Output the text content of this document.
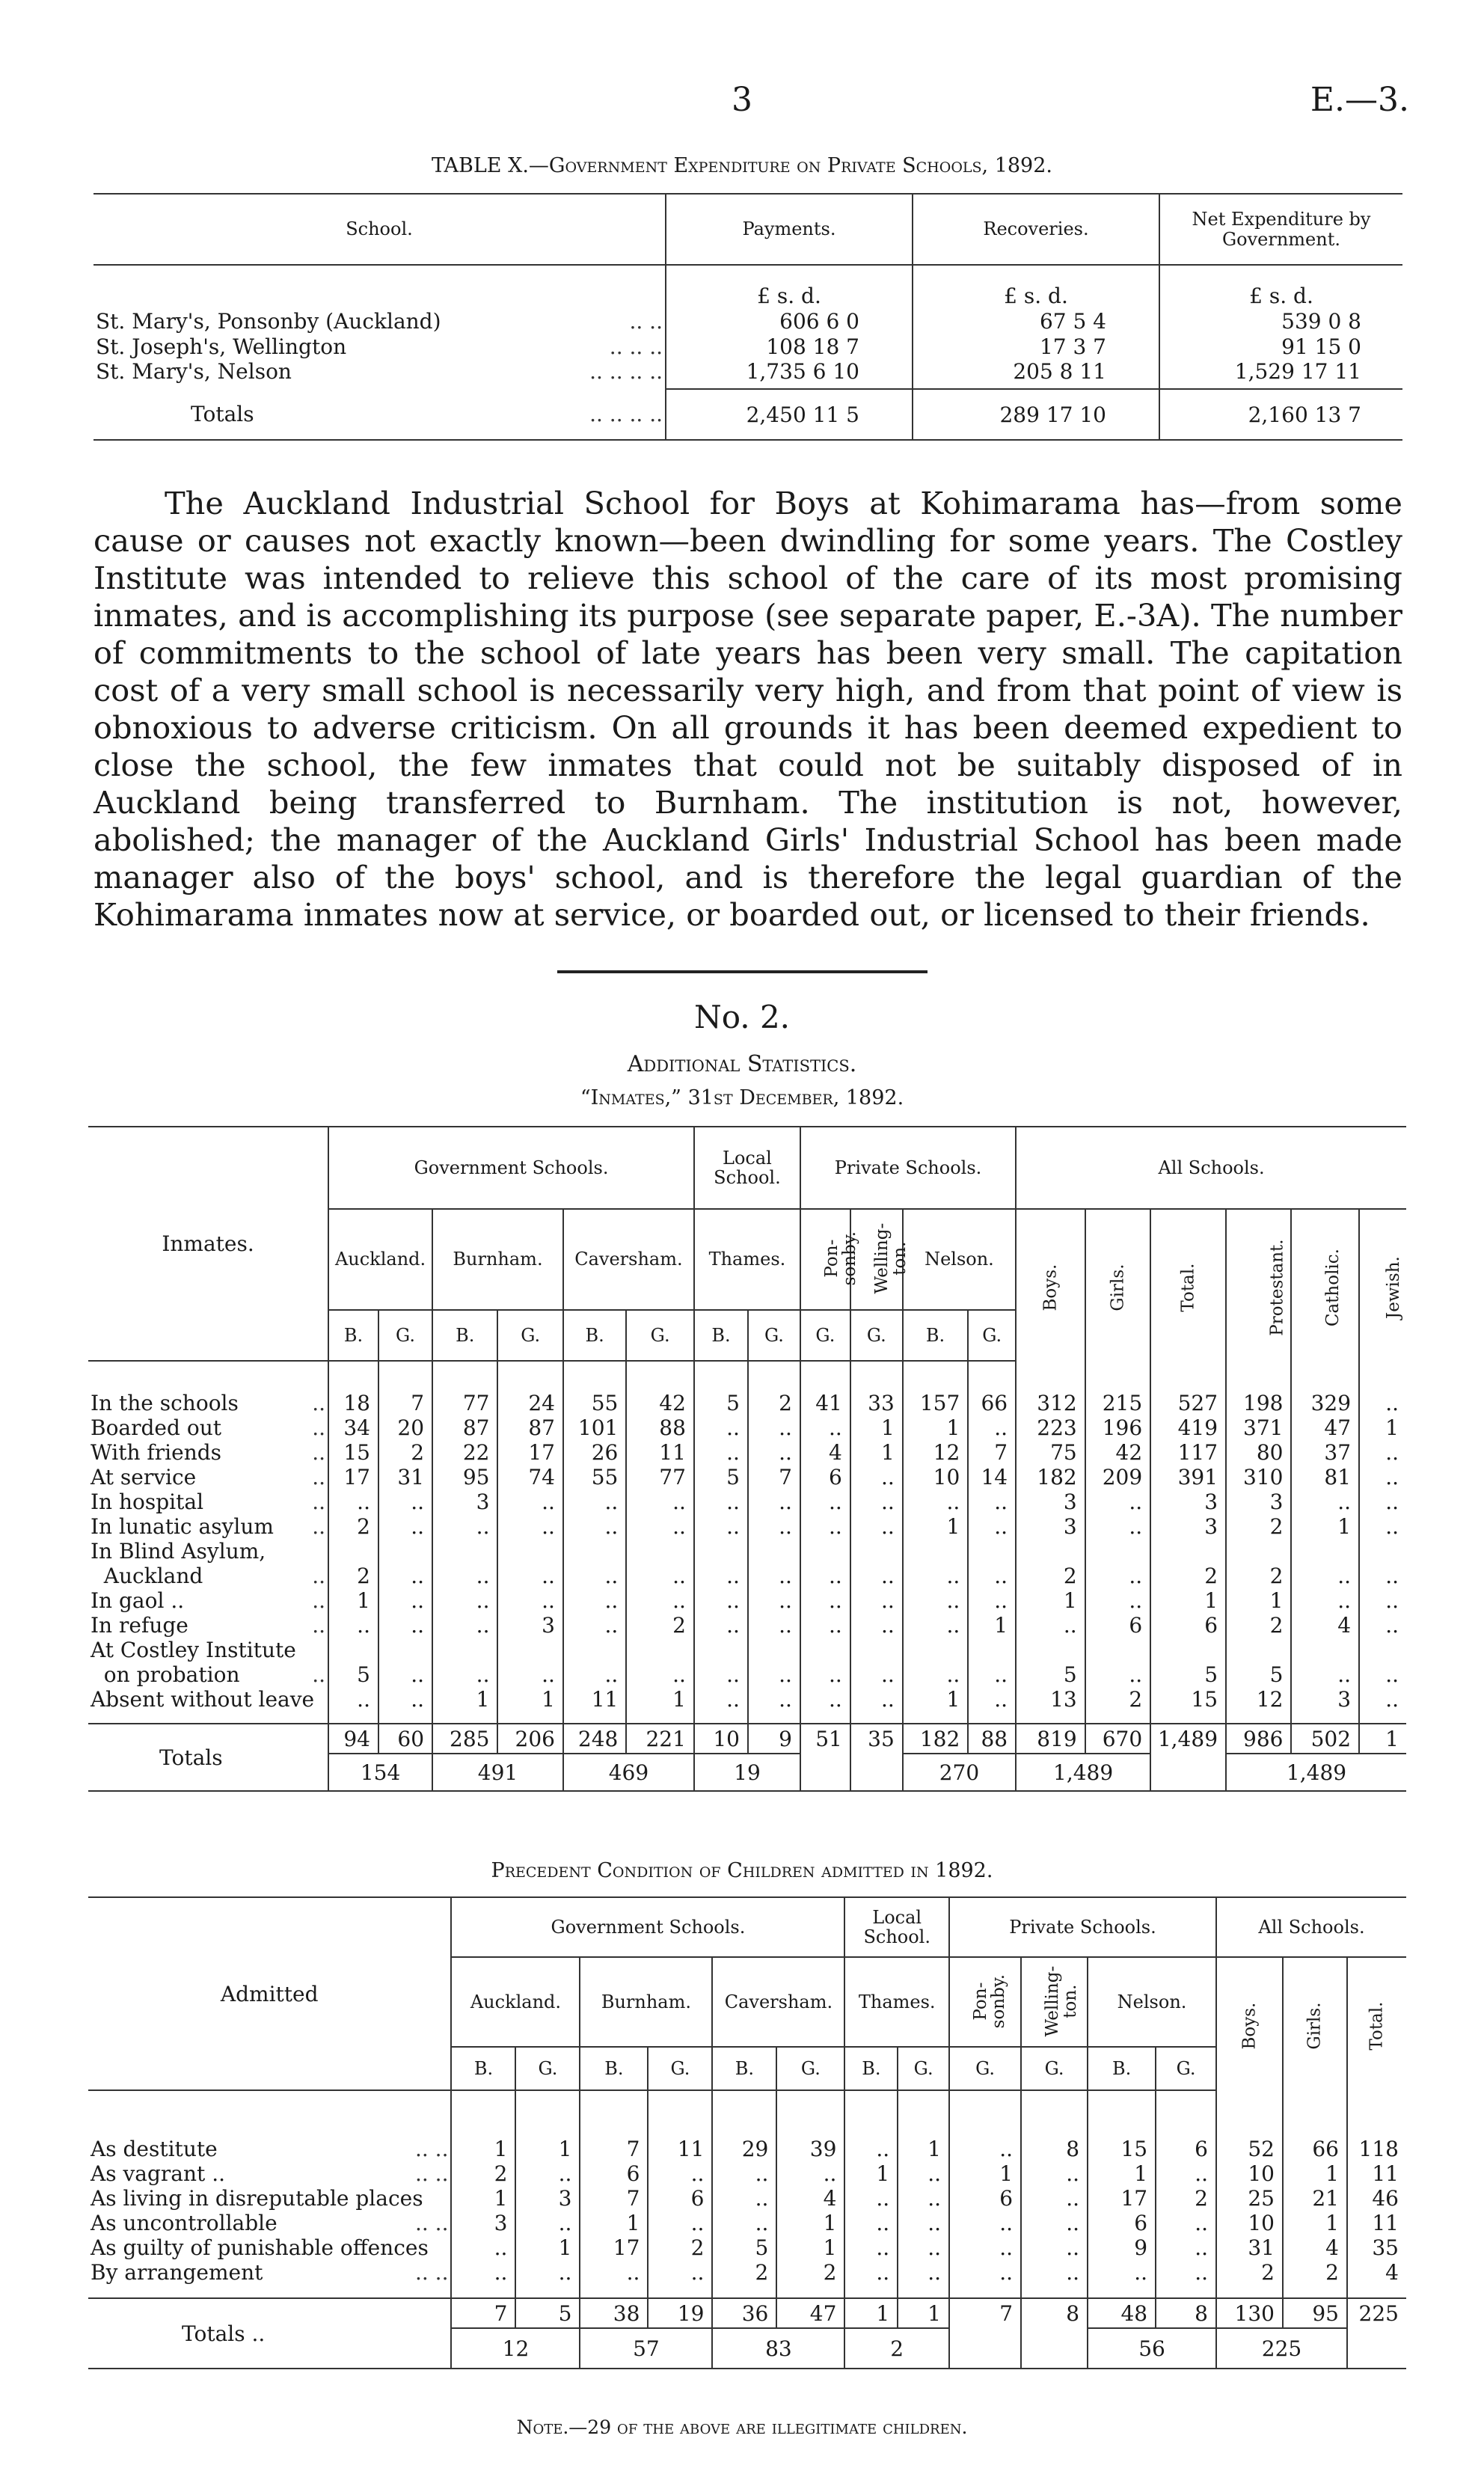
3	E.—3.
TABLE X.—Government Expenditure on Private Schools, 1892.
School.	Payments.	Recoveries.	Net Expenditure by Government.
	£ s. d.	£ s. d.	£ s. d.
St. Mary's, Ponsonby (Auckland) .. ..	606 6 0	67 5 4	539 0 8
St. Joseph's, Wellington .. .. ..	108 18 7	17 3 7	91 15 0
St. Mary's, Nelson .. .. .. ..	1,735 6 10	205 8 11	1,529 17 11
Totals .. .. .. ..	2,450 11 5	289 17 10	2,160 13 7

The Auckland Industrial School for Boys at Kohimarama has—from some cause or causes not exactly known—been dwindling for some years. The Costley Institute was intended to relieve this school of the care of its most promising inmates, and is accomplishing its purpose (see separate paper, E.-3A). The number of commitments to the school of late years has been very small. The capitation cost of a very small school is necessarily very high, and from that point of view is obnoxious to adverse criticism. On all grounds it has been deemed expedient to close the school, the few inmates that could not be suitably disposed of in Auckland being transferred to Burnham. The institution is not, however, abolished; the manager of the Auckland Girls' Industrial School has been made manager also of the boys' school, and is therefore the legal guardian of the Kohimarama inmates now at service, or boarded out, or licensed to their friends.

No. 2.
Additional Statistics.
“Inmates,” 31st December, 1892.
Inmates.	Government Schools.						Local School.		Private Schools.				All Schools.					
	Auckland.		Burnham.		Caversham.		Thames.		Pon-sonby.	Welling-ton.	Nelson.		Boys.	Girls.	Total.	Protestant.	Catholic.	Jewish.
	B.	G.	B.	G.	B.	G.	B.	G.	G.	G.	B.	G.						

In the schools ..	18	7	77	24	55	42	5	2	41	33	157	66	312	215	527	198	329	..
Boarded out ..	34	20	87	87	101	88	..	..	..	1	1	..	223	196	419	371	47	1
With friends ..	15	2	22	17	26	11	..	..	4	1	12	7	75	42	117	80	37	..
At service ..	17	31	95	74	55	77	5	7	6	..	10	14	182	209	391	310	81	..
In hospital ..	..	..	3	..	..	..	..	..	..	..	..	..	3	..	3	3	..	..
In lunatic asylum ..	2	..	..	..	..	..	..	..	..	..	1	..	3	..	3	2	1	..
In Blind Asylum,																		
Auckland ..	2	..	..	..	..	..	..	..	..	..	..	..	2	..	2	2	..	..
In gaol .. ..	1	..	..	..	..	..	..	..	..	..	..	..	1	..	1	1	..	..
In refuge ..	..	..	..	3	..	2	..	..	..	..	..	1	..	6	6	2	4	..
At Costley Institute																		
on probation ..	5	..	..	..	..	..	..	..	..	..	..	..	5	..	5	5	..	..
Absent without leave	..	..	1	1	11	1	..	..	..	..	1	..	13	2	15	12	3	..

Totals	94	60	285	206	248	221	10	9	51	35	182	88	819	670	1,489	986	502	1
	154		491		469		19				270		1,489			1,489		
Precedent Condition of Children admitted in 1892.
Admitted	Government Schools.						Local School.		Private Schools.				All Schools.		
	Auckland.		Burnham.		Caversham.		Thames.		Pon-sonby.	Welling-ton.	Nelson.		Boys.	Girls.	Total.
	B.	G.	B.	G.	B.	G.	B.	G.	G.	G.	B.	G.			

As destitute .. ..	1	1	7	11	29	39	..	1	..	8	15	6	52	66	118
As vagrant .. .. ..	2	..	6	..	..	..	1	..	1	..	1	..	10	1	11
As living in disreputable places	1	3	7	6	..	4	..	..	6	..	17	2	25	21	46
As uncontrollable .. ..	3	..	1	..	..	1	..	..	..	..	6	..	10	1	11
As guilty of punishable offences	..	1	17	2	5	1	..	..	..	..	9	..	31	4	35
By arrangement .. ..	..	..	..	..	2	2	..	..	..	..	..	..	2	2	4

Totals ..	7	5	38	19	36	47	1	1	7	8	48	8	130	95	225
	12		57		83		2				56		225		
Note.—29 of the above are illegitimate children.
